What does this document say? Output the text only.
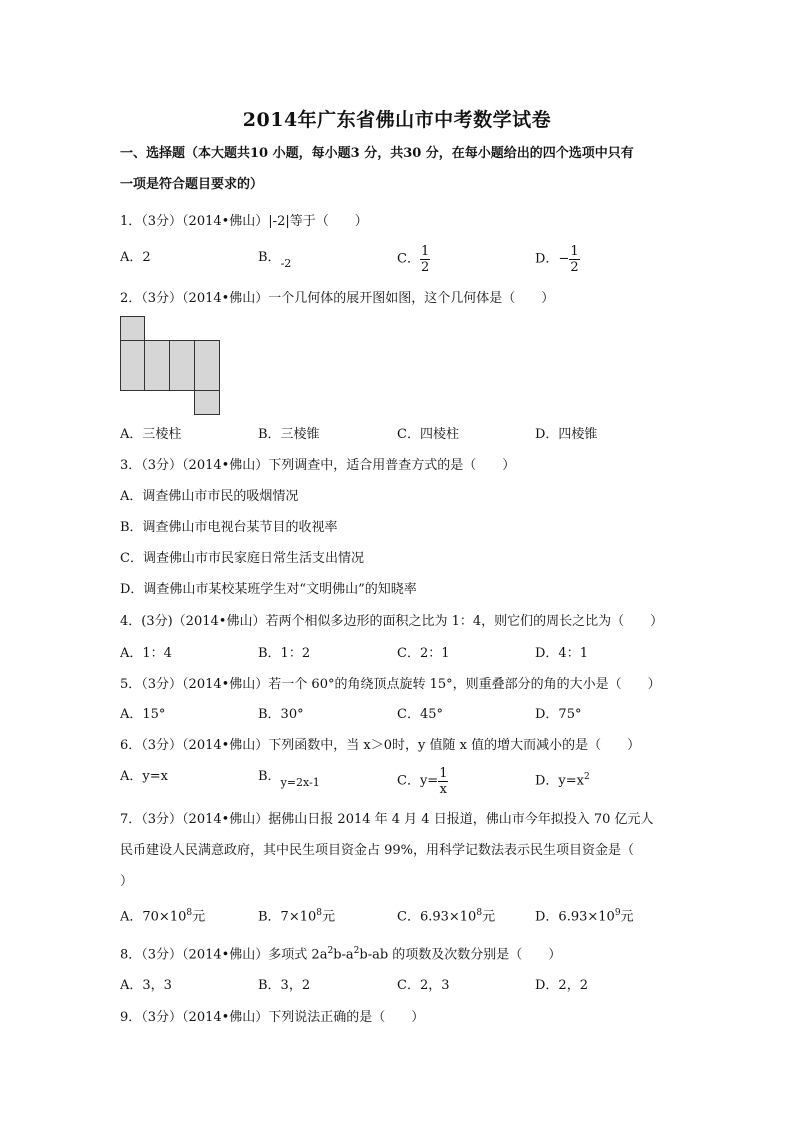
2014年广东省佛山市中考数学试卷
一、选择题（本大题共10 小题，每小题3 分，共30 分，在每小题给出的四个选项中只有
一项是符合题目要求的）
1．（3分）（2014•佛山）|-2|等于（　　）
A．2	B．$_{-2}$	C． $\frac{1}{2}$	D．− $\frac{1}{2}$
2．（3分）（2014•佛山）一个几何体的展开图如图，这个几何体是（　　）
A．三棱柱	B．三棱锥	C．四棱柱	D．四棱锥
3．（3分）（2014•佛山）下列调查中，适合用普查方式的是（　　）
A．调查佛山市市民的吸烟情况
B．调查佛山市电视台某节目的收视率
C．调查佛山市市民家庭日常生活支出情况
D．调查佛山市某校某班学生对“文明佛山”的知晓率
4．(3分)（2014•佛山）若两个相似多边形的面积之比为 1：4，则它们的周长之比为（　　）
A．1：4	B．1：2	C．2：1	D．4：1
5．（3分）（2014•佛山）若一个 60°的角绕顶点旋转 15°，则重叠部分的角的大小是（　　）
A．15°	B．30°	C．45°	D．75°
6．（3分）（2014•佛山）下列函数中，当 x＞0时，y 值随 x 值的增大而减小的是（　　）
A．y=x	B．$_{y=2x-1}$	C．$y= \frac{1}{x}$	D．$y=x^2$
7．（3分）（2014•佛山）据佛山日报 2014 年 4 月 4 日报道，佛山市今年拟投入 70 亿元人
民币建设人民满意政府，其中民生项目资金占 99%，用科学记数法表示民生项目资金是（
）
A．$70\times 10^8$元	B．$7\times 10^8$元	C．$6.93\times 10^8$元	D．$6.93\times 10^9$元
8．（3分）（2014•佛山）多项式 $2a^2b-a^2b-ab$ 的项数及次数分别是（　　）
A．3，3	B．3，2	C．2，3	D．2，2
9．（3分）（2014•佛山）下列说法正确的是（　　）
